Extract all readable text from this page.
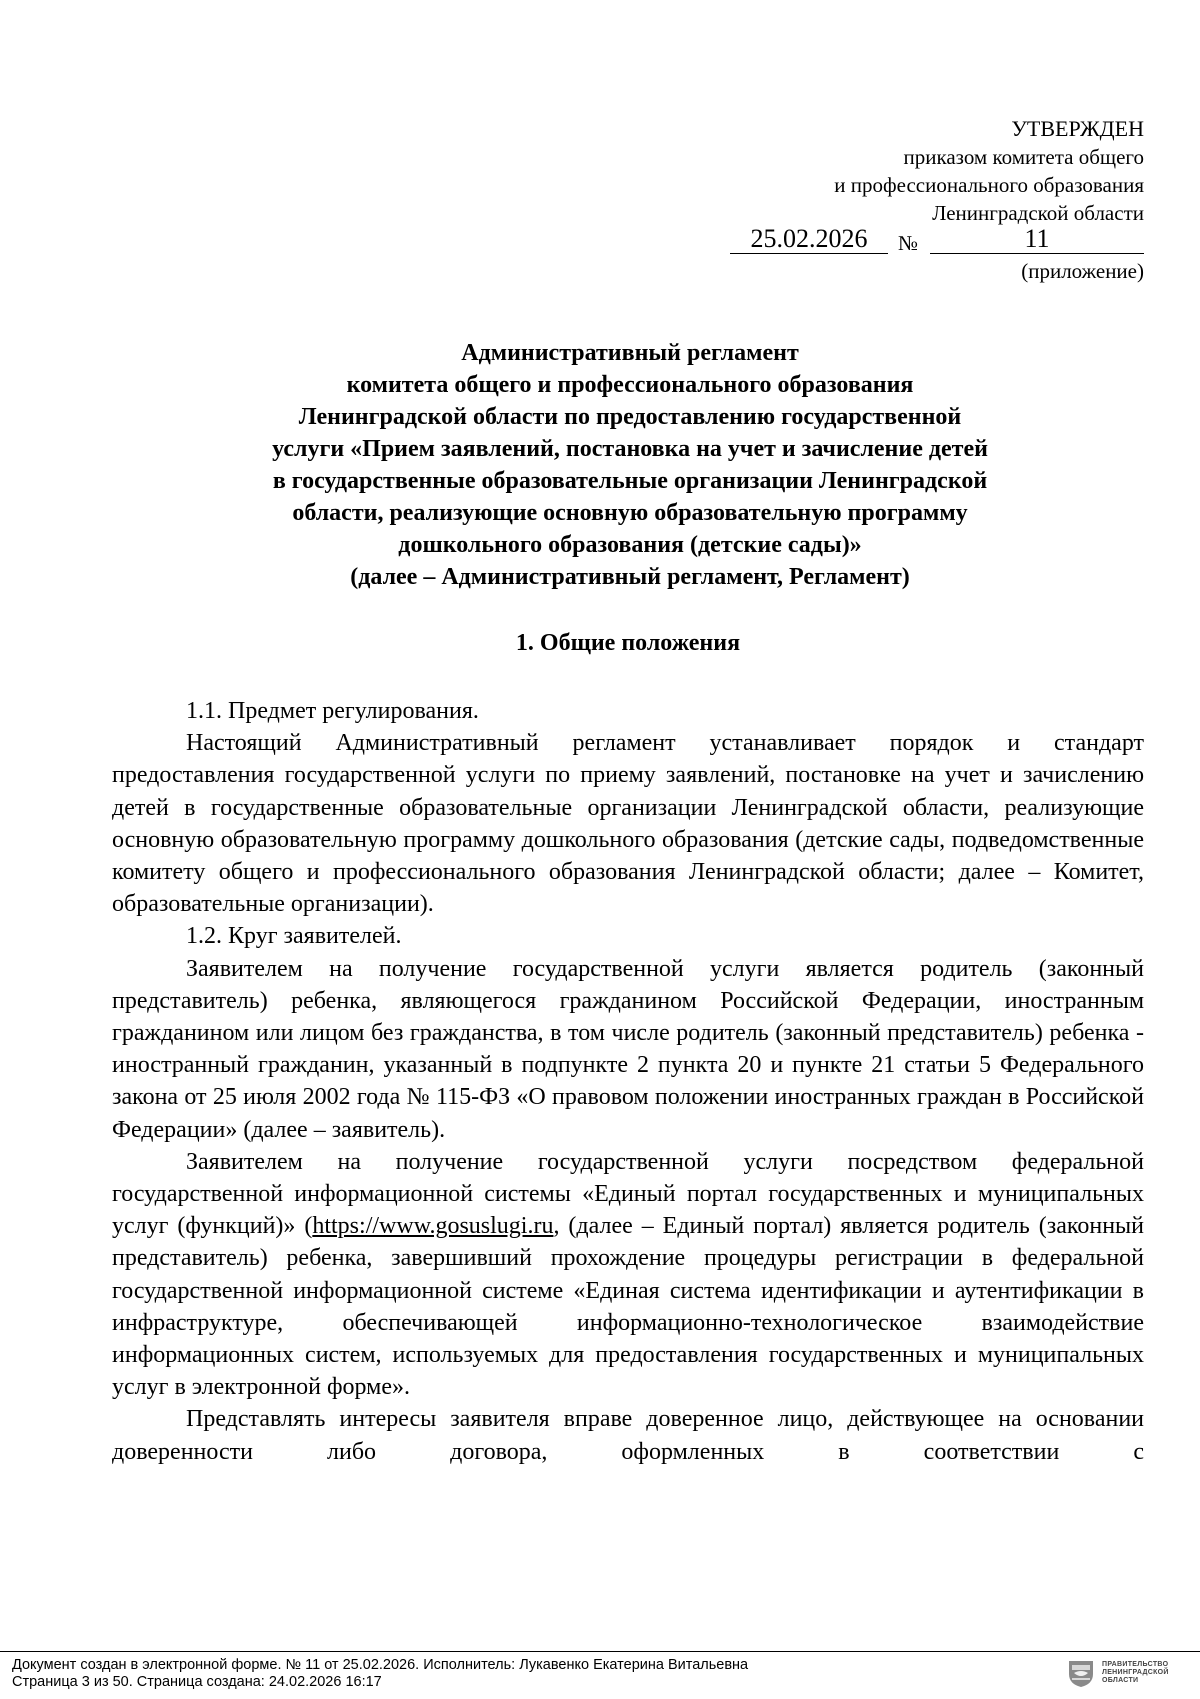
УТВЕРЖДЕН
приказом комитета общего
и профессионального образования
Ленинградской области
25.02.2026	№	11
(приложение)
Административный регламент
комитета общего и профессионального образования
Ленинградской области по предоставлению государственной
услуги «Прием заявлений, постановка на учет и зачисление детей
в государственные образовательные организации Ленинградской
области, реализующие основную образовательную программу
дошкольного образования (детские сады)»
(далее – Административный регламент, Регламент)
1. Общие положения

1.1. Предмет регулирования.

Настоящий Административный регламент устанавливает порядок и стандарт предоставления государственной услуги по приему заявлений, постановке на учет и зачислению детей в государственные образовательные организации Ленинградской области, реализующие основную образовательную программу дошкольного образования (детские сады, подведомственные комитету общего и профессионального образования Ленинградской области; далее – Комитет, образовательные организации).

1.2. Круг заявителей.

Заявителем на получение государственной услуги является родитель (законный представитель) ребенка, являющегося гражданином Российской Федерации, иностранным гражданином или лицом без гражданства, в том числе родитель (законный представитель) ребенка - иностранный гражданин, указанный в подпункте 2 пункта 20 и пункте 21 статьи 5 Федерального закона от 25 июля 2002 года № 115-ФЗ «О правовом положении иностранных граждан в Российской Федерации» (далее – заявитель).

Заявителем на получение государственной услуги посредством федеральной государственной информационной системы «Единый портал государственных и муниципальных услуг (функций)» (https://www.gosuslugi.ru, (далее – Единый портал) является родитель (законный представитель) ребенка, завершивший прохождение процедуры регистрации в федеральной государственной информационной системе «Единая система идентификации и аутентификации в инфраструктуре, обеспечивающей информационно-технологическое взаимодействие информационных систем, используемых для предоставления государственных и муниципальных услуг в электронной форме».

Представлять интересы заявителя вправе доверенное лицо, действующее на основании доверенности либо договора, оформленных в соответствии с

Документ создан в электронной форме. № 11 от 25.02.2026. Исполнитель: Лукавенко Екатерина Витальевна
Страница 3 из 50. Страница создана: 24.02.2026 16:17
ПРАВИТЕЛЬСТВО
ЛЕНИНГРАДСКОЙ
ОБЛАСТИ
